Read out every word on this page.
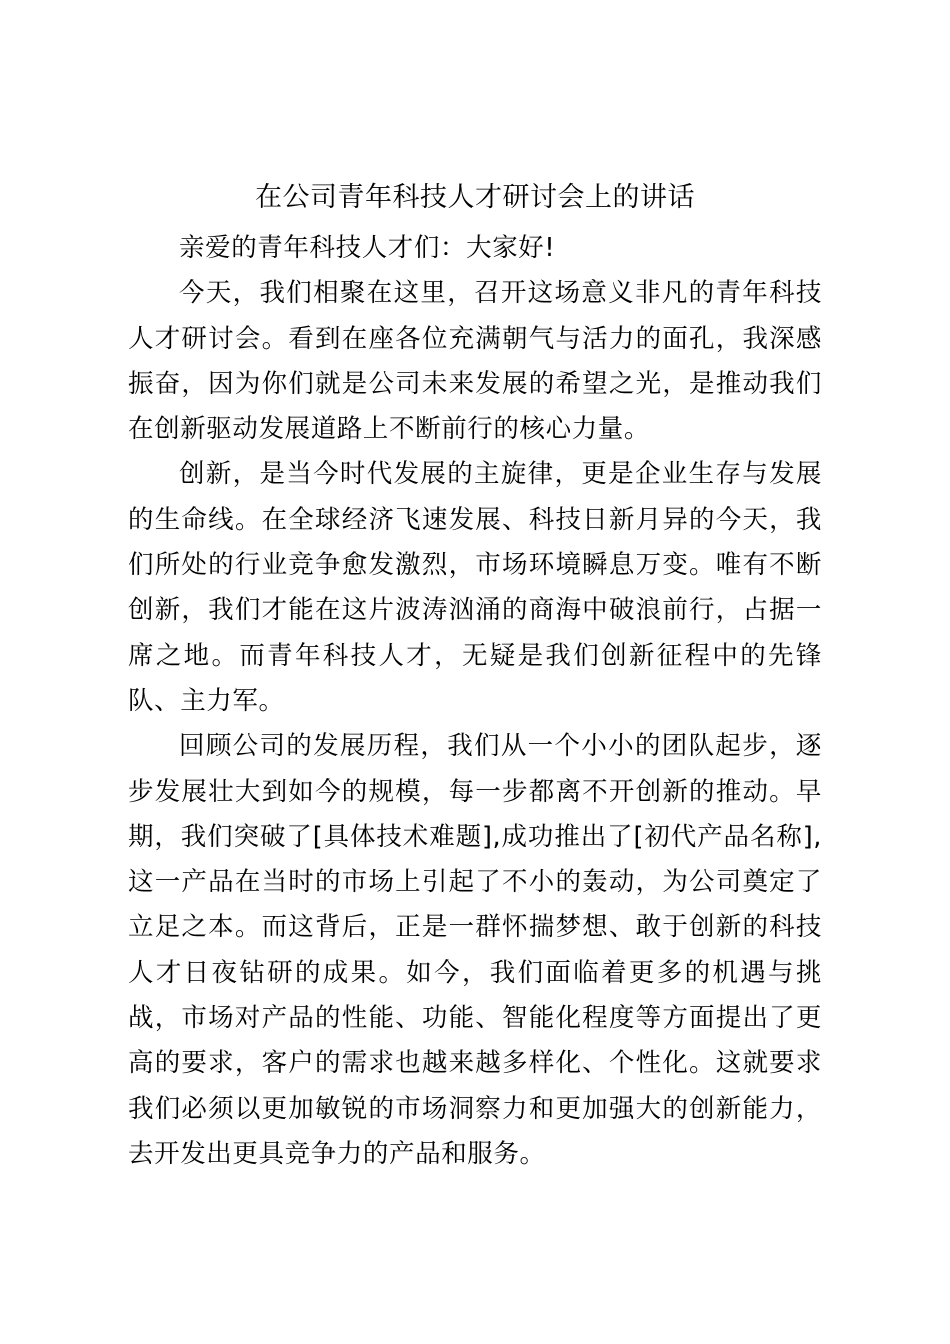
在公司青年科技人才研讨会上的讲话

亲爱的青年科技人才们：大家好!

今天，我们相聚在这里，召开这场意义非凡的青年科技人才研讨会。看到在座各位充满朝气与活力的面孔，我深感振奋，因为你们就是公司未来发展的希望之光，是推动我们在创新驱动发展道路上不断前行的核心力量。

创新，是当今时代发展的主旋律，更是企业生存与发展的生命线。在全球经济飞速发展、科技日新月异的今天，我们所处的行业竞争愈发激烈，市场环境瞬息万变。唯有不断创新，我们才能在这片波涛汹涌的商海中破浪前行，占据一席之地。而青年科技人才，无疑是我们创新征程中的先锋队、主力军。

回顾公司的发展历程，我们从一个小小的团队起步，逐步发展壮大到如今的规模，每一步都离不开创新的推动。早期，我们突破了[具体技术难题],成功推出了[初代产品名称],这一产品在当时的市场上引起了不小的轰动，为公司奠定了立足之本。而这背后，正是一群怀揣梦想、敢于创新的科技人才日夜钻研的成果。如今，我们面临着更多的机遇与挑战，市场对产品的性能、功能、智能化程度等方面提出了更高的要求，客户的需求也越来越多样化、个性化。这就要求我们必须以更加敏锐的市场洞察力和更加强大的创新能力，去开发出更具竞争力的产品和服务。
